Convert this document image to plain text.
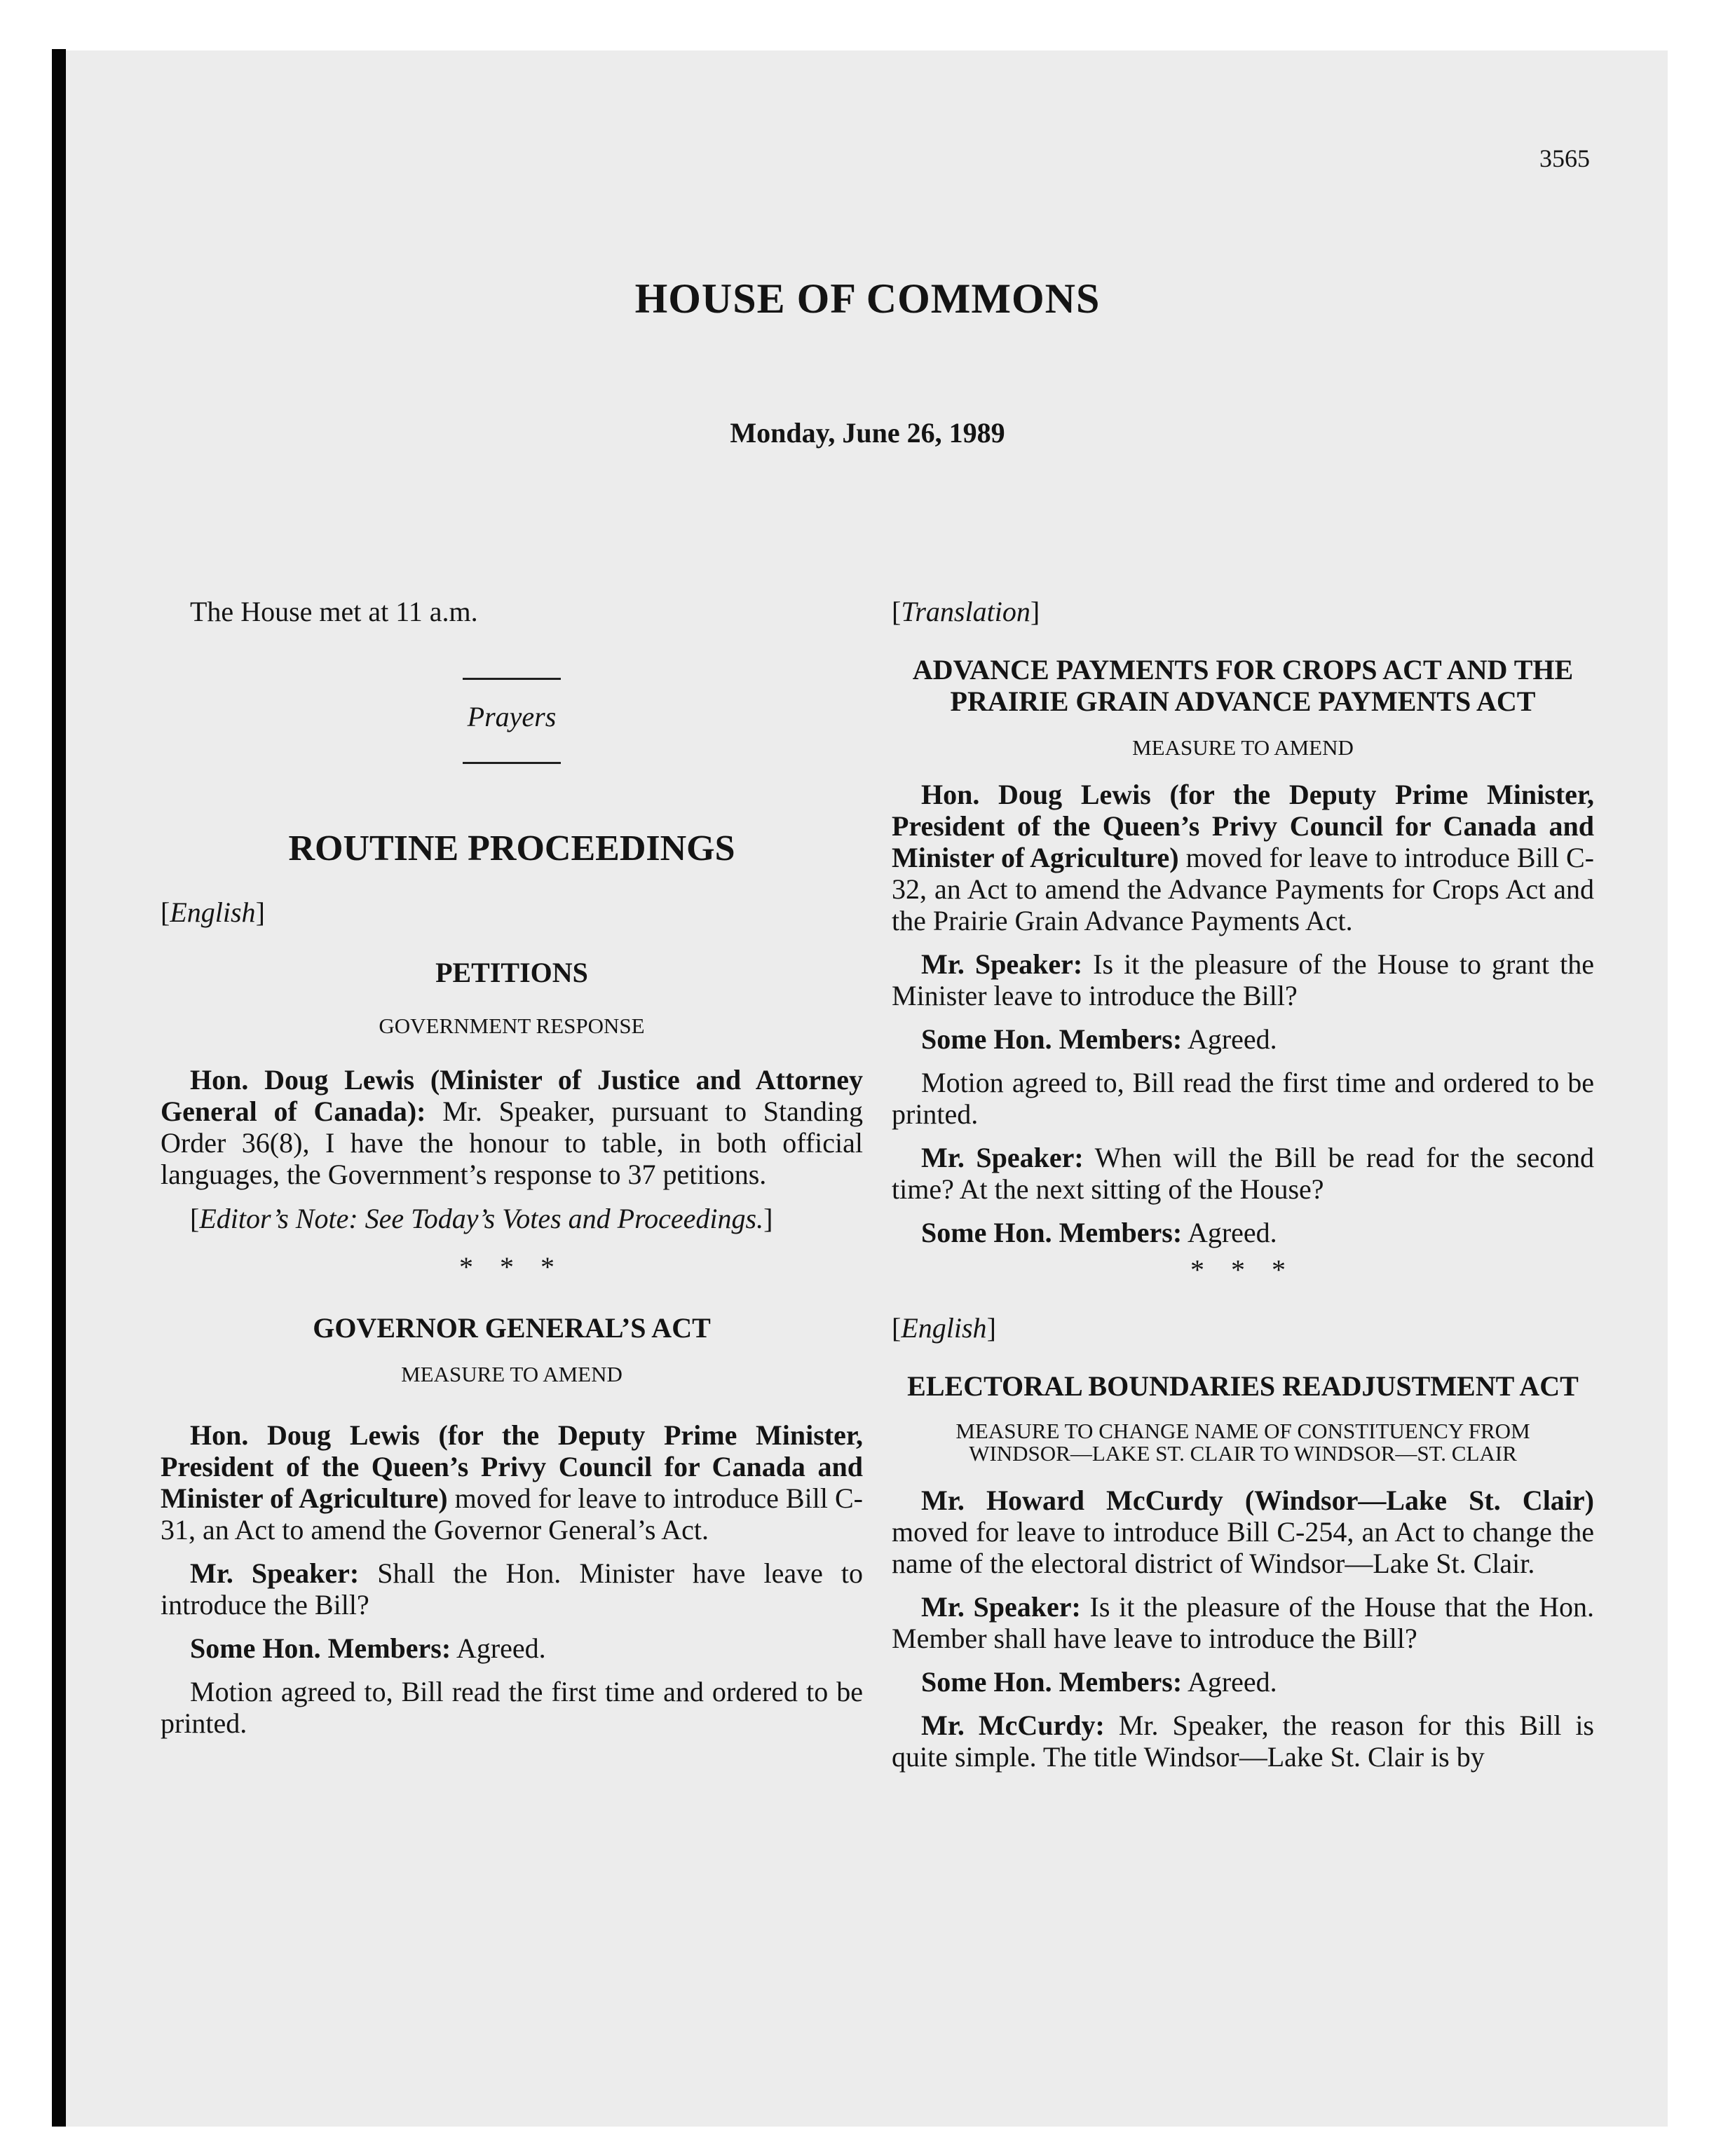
3565
HOUSE OF COMMONS
Monday, June 26, 1989

The House met at 11 a.m.

Prayers
ROUTINE PROCEEDINGS

[English]

PETITIONS
GOVERNMENT RESPONSE

Hon. Doug Lewis (Minister of Justice and Attorney General of Canada): Mr. Speaker, pursuant to Standing Order 36(8), I have the honour to table, in both official languages, the Government’s response to 37 petitions.

[Editor’s Note: See Today’s Votes and Proceedings.]

* * *
GOVERNOR GENERAL’S ACT
MEASURE TO AMEND

Hon. Doug Lewis (for the Deputy Prime Minister, President of the Queen’s Privy Council for Canada and Minister of Agriculture) moved for leave to introduce Bill C-31, an Act to amend the Governor General’s Act.

Mr. Speaker: Shall the Hon. Minister have leave to introduce the Bill?

Some Hon. Members: Agreed.

Motion agreed to, Bill read the first time and ordered to be printed.

[Translation]

ADVANCE PAYMENTS FOR CROPS ACT AND THE PRAIRIE GRAIN ADVANCE PAYMENTS ACT
MEASURE TO AMEND

Hon. Doug Lewis (for the Deputy Prime Minister, President of the Queen’s Privy Council for Canada and Minister of Agriculture) moved for leave to introduce Bill C-32, an Act to amend the Advance Payments for Crops Act and the Prairie Grain Advance Payments Act.

Mr. Speaker: Is it the pleasure of the House to grant the Minister leave to introduce the Bill?

Some Hon. Members: Agreed.

Motion agreed to, Bill read the first time and ordered to be printed.

Mr. Speaker: When will the Bill be read for the second time? At the next sitting of the House?

Some Hon. Members: Agreed.

* * *

[English]

ELECTORAL BOUNDARIES READJUSTMENT ACT
MEASURE TO CHANGE NAME OF CONSTITUENCY FROM WINDSOR—LAKE ST. CLAIR TO WINDSOR—ST. CLAIR

Mr. Howard McCurdy (Windsor—Lake St. Clair) moved for leave to introduce Bill C-254, an Act to change the name of the electoral district of Windsor—Lake St. Clair.

Mr. Speaker: Is it the pleasure of the House that the Hon. Member shall have leave to introduce the Bill?

Some Hon. Members: Agreed.

Mr. McCurdy: Mr. Speaker, the reason for this Bill is quite simple. The title Windsor—Lake St. Clair is by
